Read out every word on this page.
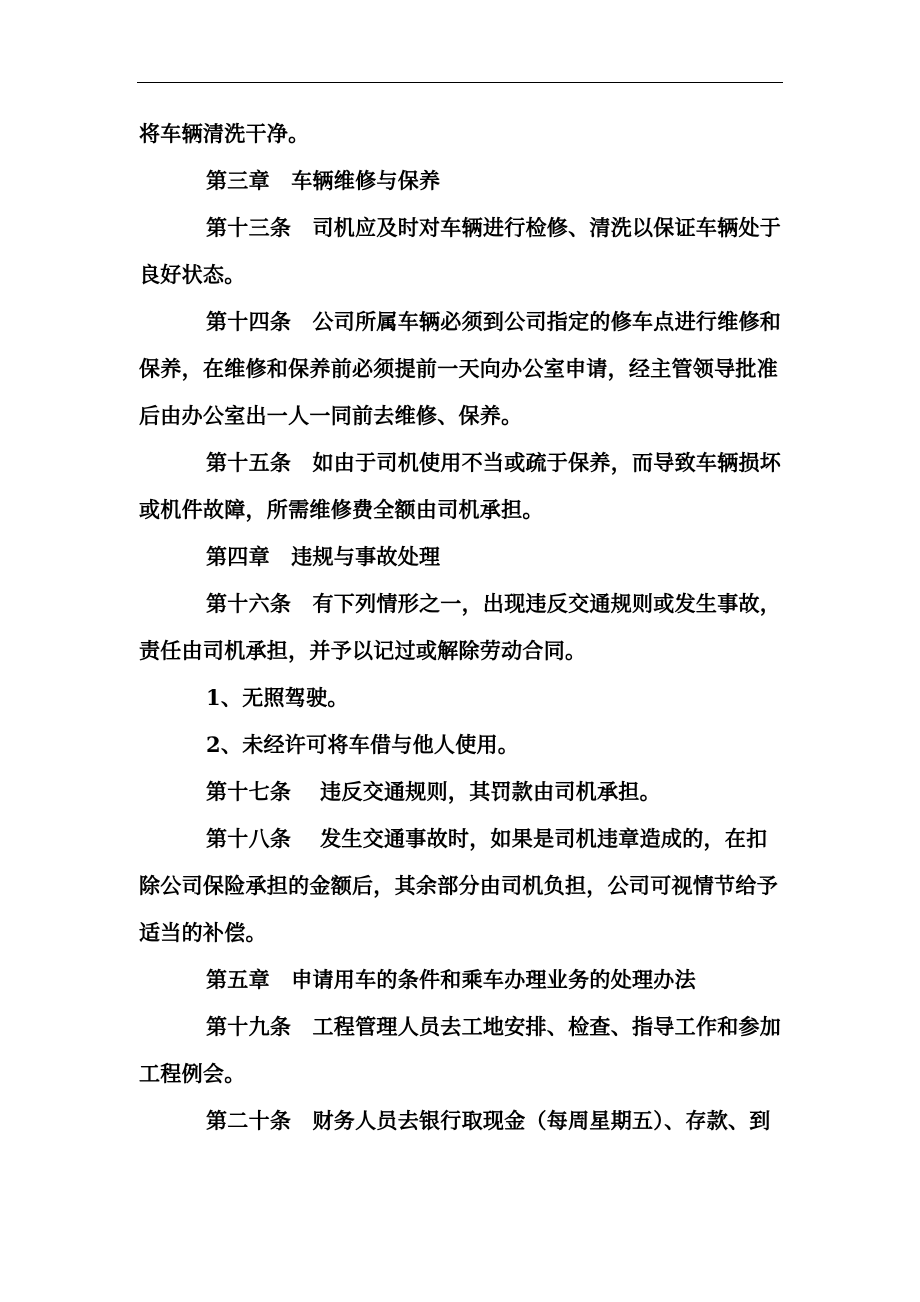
将车辆清洗干净。
第三章　车辆维修与保养
第十三条　司机应及时对车辆进行检修、清洗以保证车辆处于
良好状态。
第十四条　公司所属车辆必须到公司指定的修车点进行维修和
保养，在维修和保养前必须提前一天向办公室申请，经主管领导批准
后由办公室出一人一同前去维修、保养。
第十五条　如由于司机使用不当或疏于保养，而导致车辆损坏
或机件故障，所需维修费全额由司机承担。
第四章　违规与事故处理
第十六条　有下列情形之一，出现违反交通规则或发生事故，
责任由司机承担，并予以记过或解除劳动合同。
1、无照驾驶。
2、未经许可将车借与他人使用。
第十七条　 违反交通规则，其罚款由司机承担。
第十八条　 发生交通事故时，如果是司机违章造成的，在扣
除公司保险承担的金额后，其余部分由司机负担，公司可视情节给予
适当的补偿。
第五章　申请用车的条件和乘车办理业务的处理办法
第十九条　工程管理人员去工地安排、检查、指导工作和参加
工程例会。
第二十条　财务人员去银行取现金（每周星期五）、存款、到
